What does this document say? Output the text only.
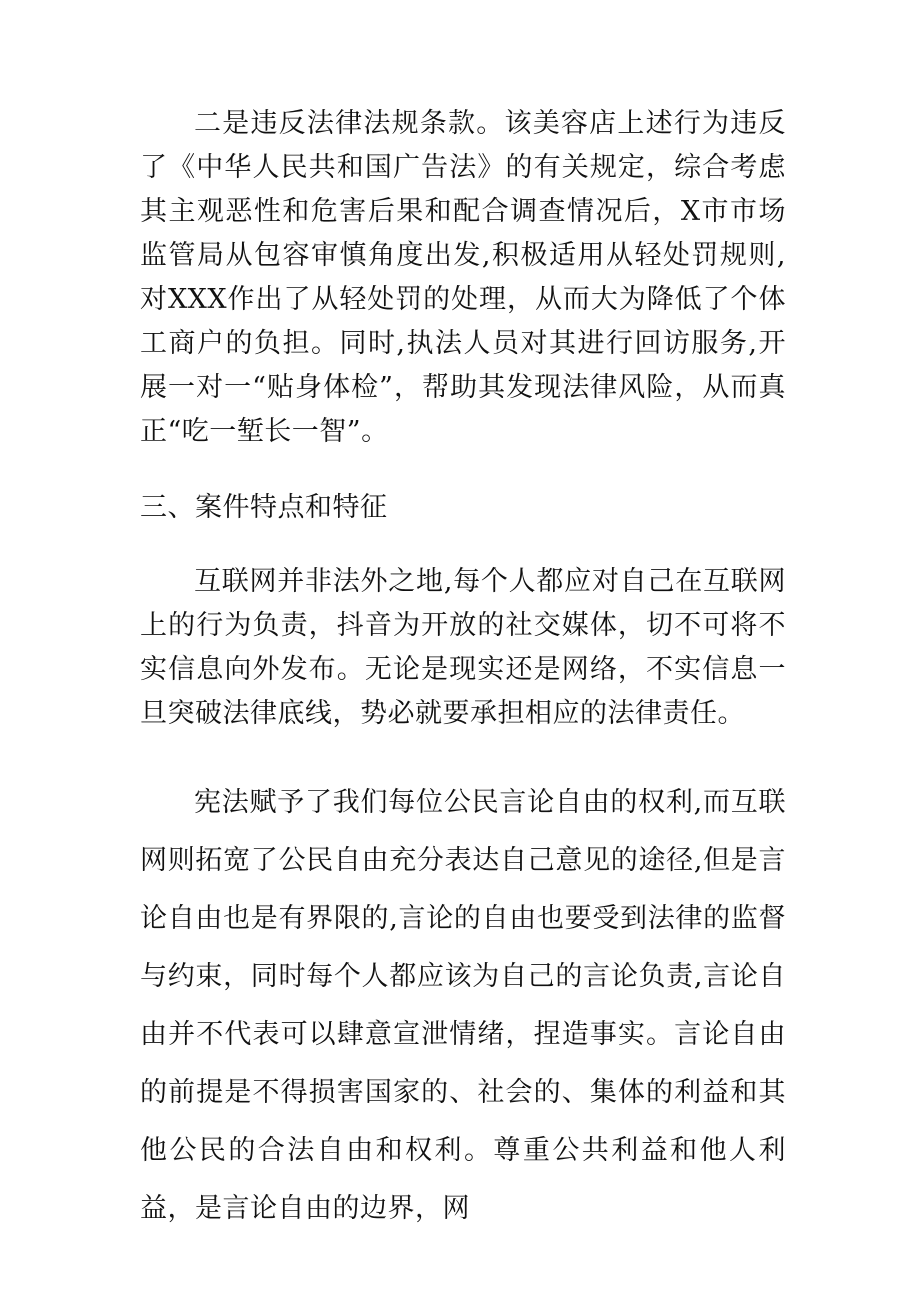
二是违反法律法规条款。该美容店上述行为违反了《中华人民共和国广告法》的有关规定，综合考虑其主观恶性和危害后果和配合调查情况后，X市市场监管局从包容审慎角度出发,积极适用从轻处罚规则,对XXX作出了从轻处罚的处理，从而大为降低了个体工商户的负担。同时,执法人员对其进行回访服务,开展一对一“贴身体检”，帮助其发现法律风险，从而真正“吃一堑长一智”。

三、案件特点和特征

互联网并非法外之地,每个人都应对自己在互联网上的行为负责，抖音为开放的社交媒体，切不可将不实信息向外发布。无论是现实还是网络，不实信息一旦突破法律底线，势必就要承担相应的法律责任。

宪法赋予了我们每位公民言论自由的权利,而互联网则拓宽了公民自由充分表达自己意见的途径,但是言论自由也是有界限的,言论的自由也要受到法律的监督与约束，同时每个人都应该为自己的言论负责,言论自由并不代表可以肆意宣泄情绪，捏造事实。言论自由的前提是不得损害国家的、社会的、集体的利益和其他公民的合法自由和权利。尊重公共利益和他人利益，是言论自由的边界，网
